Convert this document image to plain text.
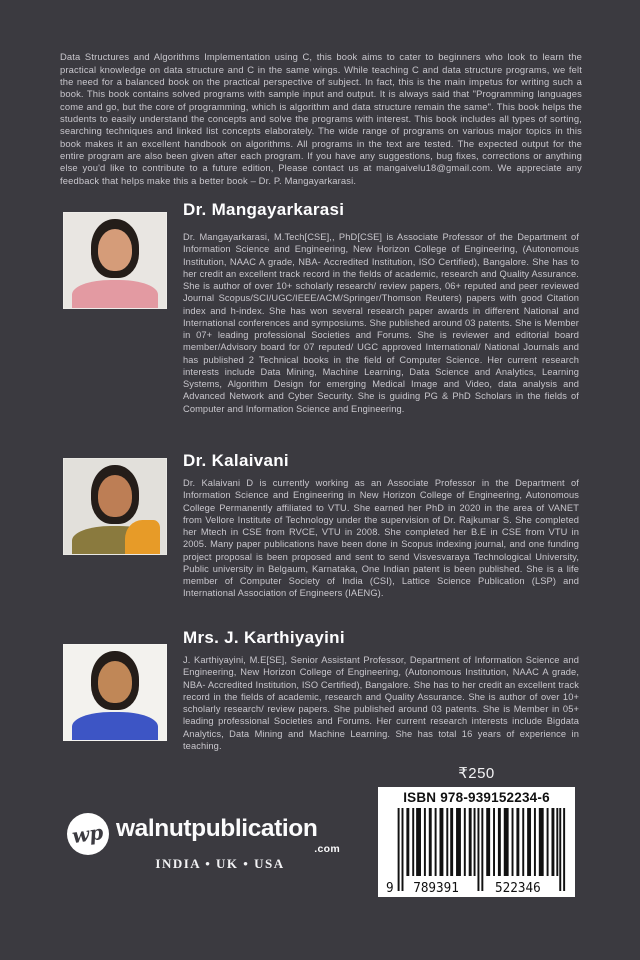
Data Structures and Algorithms Implementation using C, this book aims to cater to beginners who look to learn the practical knowledge on data structure and C in the same wings. While teaching C and data structure programs, we felt the need for a balanced book on the practical perspective of subject. In fact, this is the main impetus for writing such a book. This book contains solved programs with sample input and output. It is always said that "Programming languages come and go, but the core of programming, which is algorithm and data structure remain the same". This book helps the students to easily understand the concepts and solve the programs with interest. This book includes all types of sorting, searching techniques and linked list concepts elaborately. The wide range of programs on various major topics in this book makes it an excellent handbook on algorithms. All programs in the text are tested. The expected output for the entire program are also been given after each program. If you have any suggestions, bug fixes, corrections or anything else you'd like to contribute to a future edition, Please contact us at mangaivelu18@gmail.com. We appreciate any feedback that helps make this a better book – Dr. P. Mangayarkarasi.

Dr. Mangayarkarasi

Dr. Mangayarkarasi, M.Tech[CSE],, PhD[CSE] is Associate Professor of the Department of Information Science and Engineering, New Horizon College of Engineering, (Autonomous Institution, NAAC A grade, NBA- Accredited Institution, ISO Certified), Bangalore. She has to her credit an excellent track record in the fields of academic, research and Quality Assurance. She is author of over 10+ scholarly research/ review papers, 06+ reputed and peer reviewed Journal Scopus/SCI/UGC/IEEE/ACM/Springer/Thomson Reuters) papers with good Citation index and h-index. She has won several research paper awards in different National and International conferences and symposiums. She published around 03 patents. She is Member in 07+ leading professional Societies and Forums. She is reviewer and editorial board member/Advisory board for 07 reputed/ UGC approved International/ National Journals and has published 2 Technical books in the field of Computer Science. Her current research interests include Data Mining, Machine Learning, Data Science and Analytics, Learning Systems, Algorithm Design for emerging Medical Image and Video, data analysis and Advanced Network and Cyber Security. She is guiding PG & PhD Scholars in the fields of Computer and Information Science and Engineering.

Dr. Kalaivani

Dr. Kalaivani D is currently working as an Associate Professor in the Department of Information Science and Engineering in New Horizon College of Engineering, Autonomous College Permanently affiliated to VTU. She earned her PhD in 2020 in the area of VANET from Vellore Institute of Technology under the supervision of Dr. Rajkumar S. She completed her Mtech in CSE from RVCE, VTU in 2008. She completed her B.E in CSE from VTU in 2005. Many paper publications have been done in Scopus indexing journal, and one funding project proposal is been proposed and sent to send Visvesvaraya Technological University, Public university in Belgaum, Karnataka, One Indian patent is been published. She is a life member of Computer Society of India (CSI), Lattice Science Publication (LSP) and International Association of Engineers (IAENG).

Mrs. J. Karthiyayini

J. Karthiyayini, M.E[SE], Senior Assistant Professor, Department of Information Science and Engineering, New Horizon College of Engineering, (Autonomous Institution, NAAC A grade, NBA- Accredited Institution, ISO Certified), Bangalore. She has to her credit an excellent track record in the fields of academic, research and Quality Assurance. She is author of over 10+ scholarly research/ review papers. She published around 03 patents. She is Member in 05+ leading professional Societies and Forums. Her current research interests include Bigdata Analytics, Data Mining and Machine Learning. She has total 16 years of experience in teaching.

₹250
ISBN 978-939152234-6
9 789391	522346
wp walnutpublication
.com
INDIA • UK • USA
